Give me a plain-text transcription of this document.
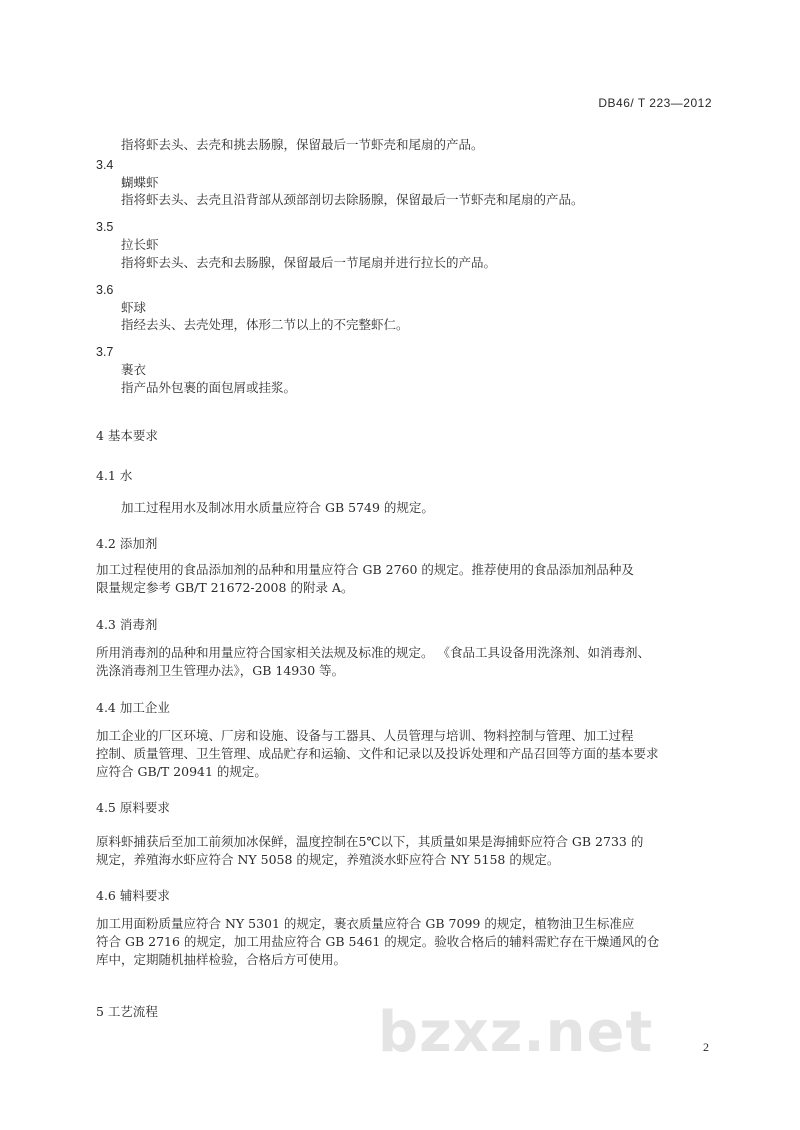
DB46/ T 223—2012
指将虾去头、去壳和挑去肠腺，保留最后一节虾壳和尾扇的产品。
3.4
蝴蝶虾
指将虾去头、去壳且沿背部从颈部剖切去除肠腺，保留最后一节虾壳和尾扇的产品。
3.5
拉长虾
指将虾去头、去壳和去肠腺，保留最后一节尾扇并进行拉长的产品。
3.6
虾球
指经去头、去壳处理，体形二节以上的不完整虾仁。
3.7
裹衣
指产品外包裹的面包屑或挂浆。
4 基本要求
4.1 水
加工过程用水及制冰用水质量应符合 GB 5749 的规定。
4.2 添加剂
加工过程使用的食品添加剂的品种和用量应符合 GB 2760 的规定。推荐使用的食品添加剂品种及
限量规定参考 GB/T 21672-2008 的附录 A。
4.3 消毒剂
所用消毒剂的品种和用量应符合国家相关法规及标准的规定。 《食品工具设备用洗涤剂、如消毒剂、
洗涤消毒剂卫生管理办法》，GB 14930 等。
4.4 加工企业
加工企业的厂区环境、厂房和设施、设备与工器具、人员管理与培训、物料控制与管理、加工过程
控制、质量管理、卫生管理、成品贮存和运输、文件和记录以及投诉处理和产品召回等方面的基本要求
应符合 GB/T 20941 的规定。
4.5 原料要求
原料虾捕获后至加工前须加冰保鲜，温度控制在5℃以下，其质量如果是海捕虾应符合 GB 2733 的
规定，养殖海水虾应符合 NY 5058 的规定，养殖淡水虾应符合 NY 5158 的规定。
4.6 辅料要求
加工用面粉质量应符合 NY 5301 的规定，裹衣质量应符合 GB 7099 的规定，植物油卫生标准应
符合 GB 2716 的规定，加工用盐应符合 GB 5461 的规定。验收合格后的辅料需贮存在干燥通风的仓
库中，定期随机抽样检验，合格后方可使用。
5 工艺流程	bzxz.net	2
